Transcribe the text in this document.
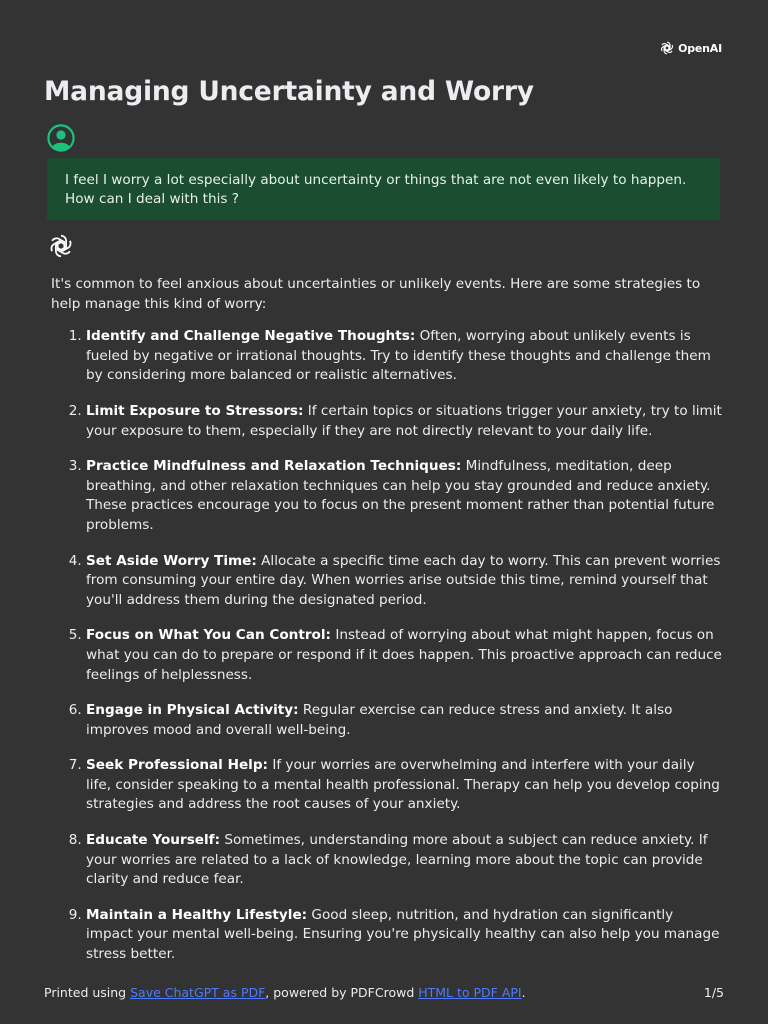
OpenAI
Managing Uncertainty and Worry
I feel I worry a lot especially about uncertainty or things that are not even likely to happen. How can I deal with this ?

It's common to feel anxious about uncertainties or unlikely events. Here are some strategies to help manage this kind of worry:

1. Identify and Challenge Negative Thoughts: Often, worrying about unlikely events is fueled by negative or irrational thoughts. Try to identify these thoughts and challenge them by considering more balanced or realistic alternatives.
2. Limit Exposure to Stressors: If certain topics or situations trigger your anxiety, try to limit your exposure to them, especially if they are not directly relevant to your daily life.
3. Practice Mindfulness and Relaxation Techniques: Mindfulness, meditation, deep breathing, and other relaxation techniques can help you stay grounded and reduce anxiety. These practices encourage you to focus on the present moment rather than potential future problems.
4. Set Aside Worry Time: Allocate a specific time each day to worry. This can prevent worries from consuming your entire day. When worries arise outside this time, remind yourself that you'll address them during the designated period.
5. Focus on What You Can Control: Instead of worrying about what might happen, focus on what you can do to prepare or respond if it does happen. This proactive approach can reduce feelings of helplessness.
6. Engage in Physical Activity: Regular exercise can reduce stress and anxiety. It also improves mood and overall well-being.
7. Seek Professional Help: If your worries are overwhelming and interfere with your daily life, consider speaking to a mental health professional. Therapy can help you develop coping strategies and address the root causes of your anxiety.
8. Educate Yourself: Sometimes, understanding more about a subject can reduce anxiety. If your worries are related to a lack of knowledge, learning more about the topic can provide clarity and reduce fear.
9. Maintain a Healthy Lifestyle: Good sleep, nutrition, and hydration can significantly impact your mental well-being. Ensuring you're physically healthy can also help you manage stress better.
Printed using Save ChatGPT as PDF, powered by PDFCrowd HTML to PDF API.	1/5
